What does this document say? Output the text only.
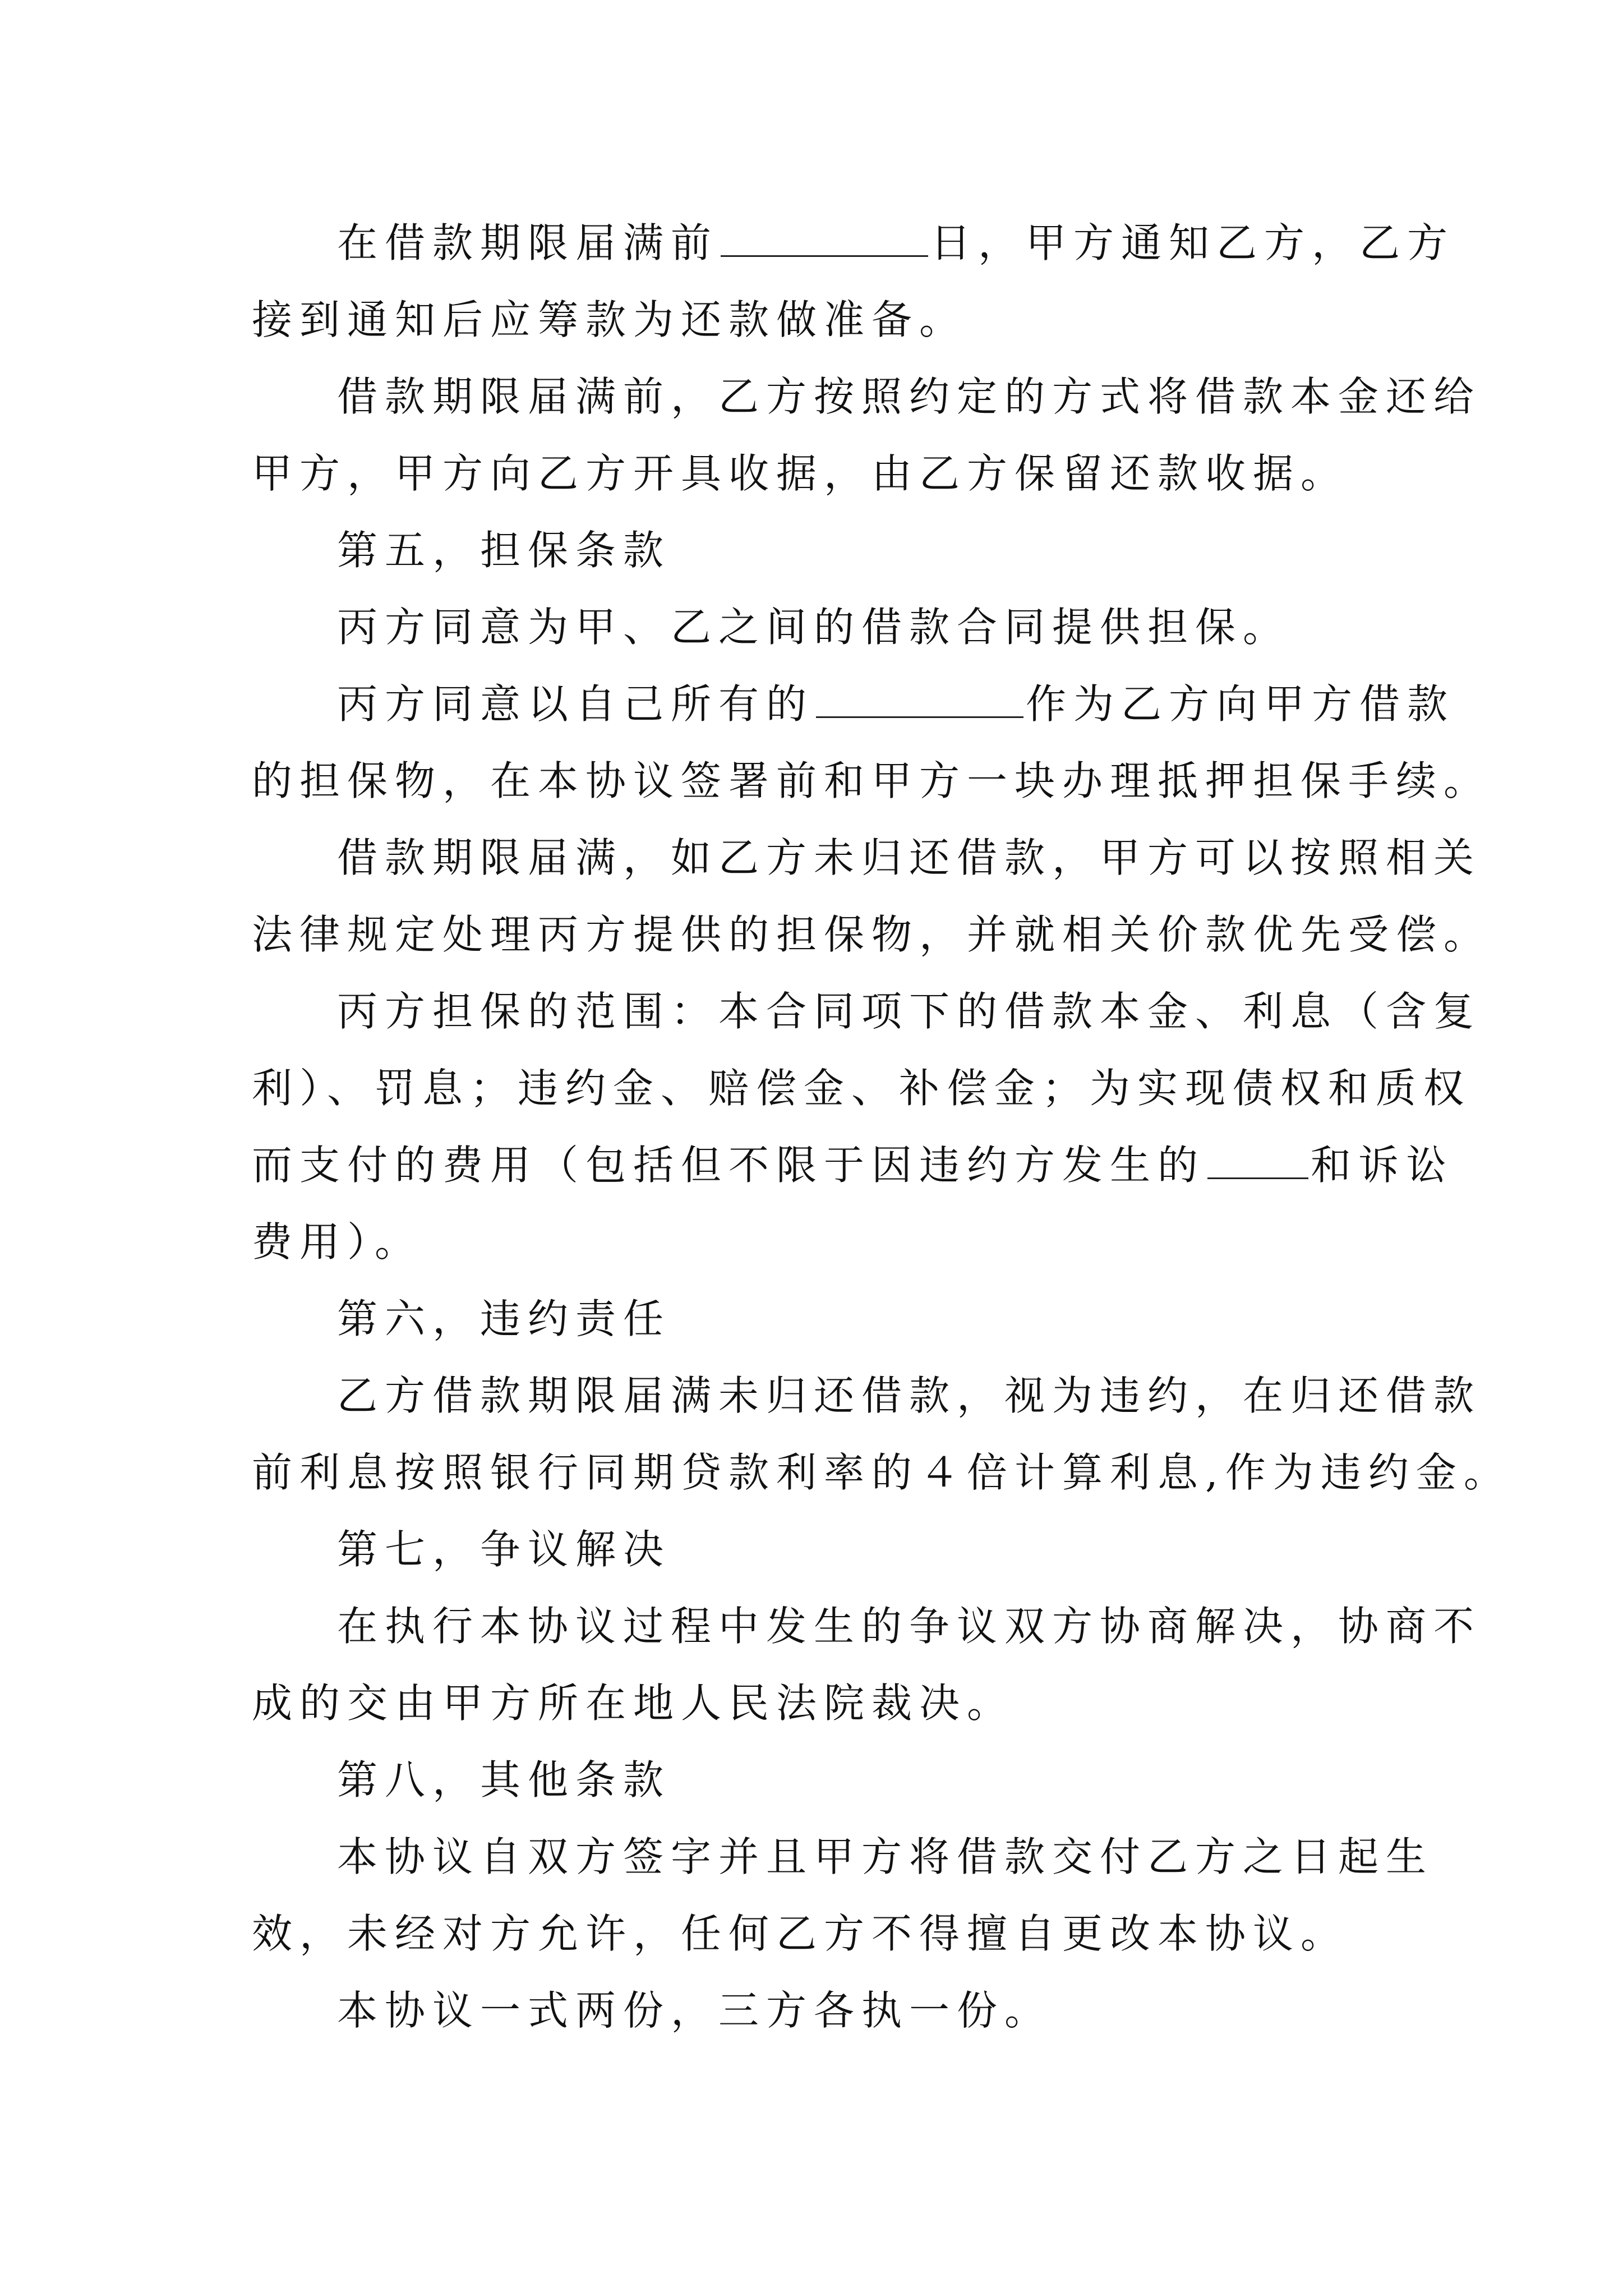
在借款期限届满前	日，甲方通知乙方，乙方
接到通知后应筹款为还款做准备。
借款期限届满前，乙方按照约定的方式将借款本金还给
甲方，甲方向乙方开具收据，由乙方保留还款收据。
第五，担保条款
丙方同意为甲、乙之间的借款合同提供担保。
丙方同意以自己所有的	作为乙方向甲方借款
的担保物，在本协议签署前和甲方一块办理抵押担保手续。
借款期限届满，如乙方未归还借款，甲方可以按照相关
法律规定处理丙方提供的担保物，并就相关价款优先受偿。
丙方担保的范围：本合同项下的借款本金、利息（含复
利）、罚息；违约金、赔偿金、补偿金；为实现债权和质权
而支付的费用（包括但不限于因违约方发生的	和诉讼
费用）。
第六，违约责任
乙方借款期限届满未归还借款，视为违约，在归还借款
前利息按照银行同期贷款利率的４倍计算利息,作为违约金。
第七，争议解决
在执行本协议过程中发生的争议双方协商解决，协商不
成的交由甲方所在地人民法院裁决。
第八，其他条款
本协议自双方签字并且甲方将借款交付乙方之日起生
效，未经对方允许，任何乙方不得擅自更改本协议。
本协议一式两份，三方各执一份。
